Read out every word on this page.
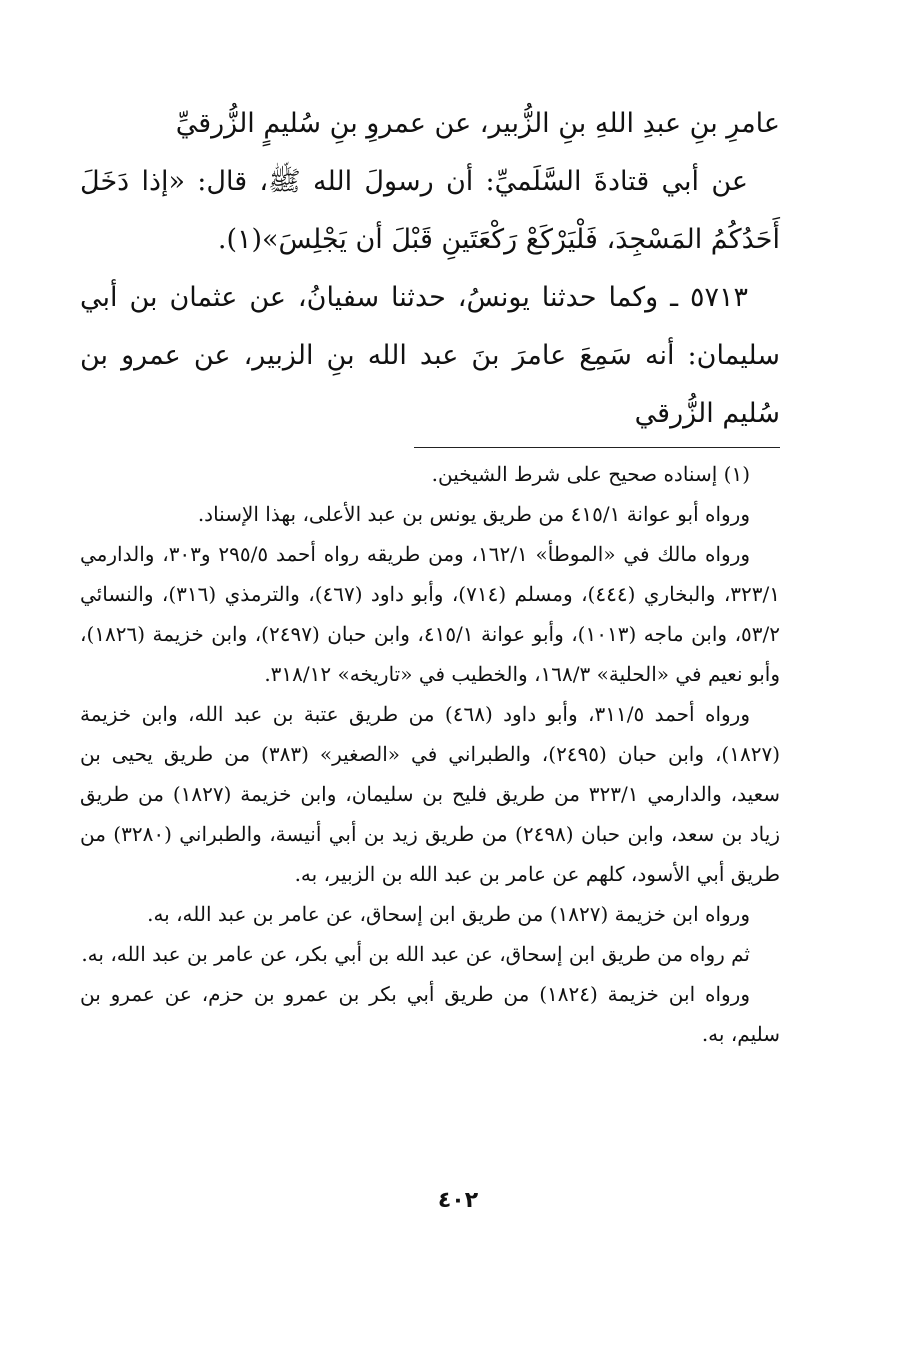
عامرِ بنِ عبدِ اللهِ بنِ الزُّبير، عن عمروِ بنِ سُليمٍ الزُّرقيِّ

عن أبي قتادةَ السَّلَميِّ: أن رسولَ الله ﷺ، قال: «إذا دَخَلَ أَحَدُكُمُ المَسْجِدَ، فَلْيَرْكَعْ رَكْعَتَينِ قَبْلَ أن يَجْلِسَ»(١).

٥٧١٣ ـ وكما حدثنا يونسُ، حدثنا سفيانُ، عن عثمان بن أبي سليمان: أنه سَمِعَ عامرَ بنَ عبد الله بنِ الزبير، عن عمرو بن سُليم الزُّرقي

(١) إسناده صحيح على شرط الشيخين.

ورواه أبو عوانة ٤١٥/١ من طريق يونس بن عبد الأعلى، بهذا الإسناد.

ورواه مالك في «الموطأ» ١٦٢/١، ومن طريقه رواه أحمد ٢٩٥/٥ و٣٠٣، والدارمي ٣٢٣/١، والبخاري (٤٤٤)، ومسلم (٧١٤)، وأبو داود (٤٦٧)، والترمذي (٣١٦)، والنسائي ٥٣/٢، وابن ماجه (١٠١٣)، وأبو عوانة ٤١٥/١، وابن حبان (٢٤٩٧)، وابن خزيمة (١٨٢٦)، وأبو نعيم في «الحلية» ١٦٨/٣، والخطيب في «تاريخه» ٣١٨/١٢.

ورواه أحمد ٣١١/٥، وأبو داود (٤٦٨) من طريق عتبة بن عبد الله، وابن خزيمة (١٨٢٧)، وابن حبان (٢٤٩٥)، والطبراني في «الصغير» (٣٨٣) من طريق يحيى بن سعيد، والدارمي ٣٢٣/١ من طريق فليح بن سليمان، وابن خزيمة (١٨٢٧) من طريق زياد بن سعد، وابن حبان (٢٤٩٨) من طريق زيد بن أبي أنيسة، والطبراني (٣٢٨٠) من طريق أبي الأسود، كلهم عن عامر بن عبد الله بن الزبير، به.

ورواه ابن خزيمة (١٨٢٧) من طريق ابن إسحاق، عن عامر بن عبد الله، به.

ثم رواه من طريق ابن إسحاق، عن عبد الله بن أبي بكر، عن عامر بن عبد الله، به.

ورواه ابن خزيمة (١٨٢٤) من طريق أبي بكر بن عمرو بن حزم، عن عمرو بن سليم، به.

٤٠٢
